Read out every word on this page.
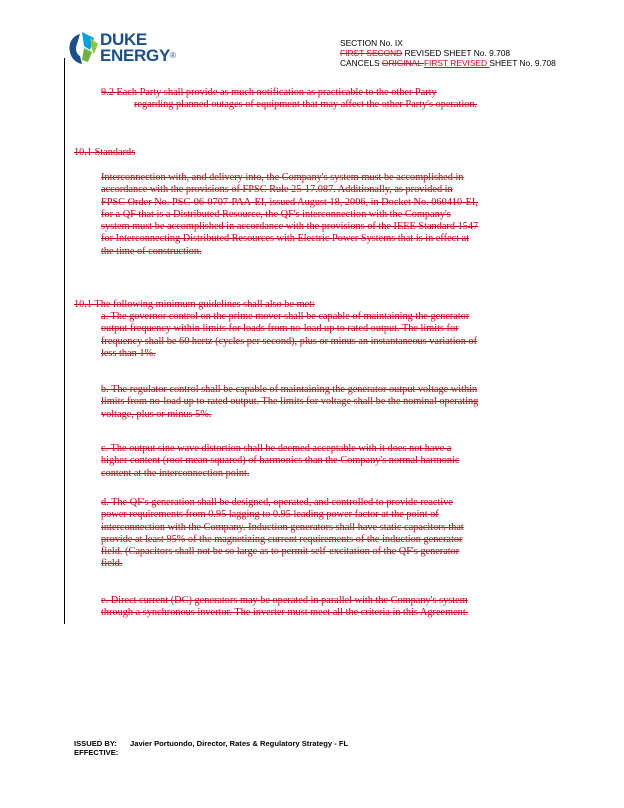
DUKE
ENERGY®
SECTION No. IX
FIRST SECOND REVISED SHEET No. 9.708
CANCELS ORIGINAL FIRST REVISED SHEET No. 9.708
9.2 Each Party shall provide as much notification as practicable to the other Party
regarding planned outages of equipment that may affect the other Party's operation.
10.1 Standards
Interconnection with, and delivery into, the Company's system must be accomplished in
accordance with the provisions of FPSC Rule 25-17.087. Additionally, as provided in
FPSC Order No. PSC-06-0707-PAA-EI, issued August 18, 2006, in Docket No. 060410-EI,
for a QF that is a Distributed Resource, the QF's interconnection with the Company's
system must be accomplished in accordance with the provisions of the IEEE Standard 1547
for Interconnecting Distributed Resources with Electric Power Systems that is in effect at
the time of construction.
10.1 The following minimum guidelines shall also be met:
a. The governor control on the prime mover shall be capable of maintaining the generator
output frequency within limits for loads from no-load up to rated output. The limits for
frequency shall be 60 hertz (cycles per second), plus or minus an instantaneous variation of
less than 1%.
b. The regulator control shall be capable of maintaining the generator output voltage within
limits from no-load up to rated output. The limits for voltage shall be the nominal operating
voltage, plus or minus 5%.
c. The output sine wave distortion shall be deemed acceptable with it does not have a
higher content (root mean squared) of harmonics than the Company's normal harmonic
content at the interconnection point.
d. The QF's generation shall be designed, operated, and controlled to provide reactive
power requirements from 0.95 lagging to 0.95 leading power factor at the point of
interconnection with the Company. Induction generators shall have static capacitors that
provide at least 95% of the magnetizing current requirements of the induction generator
field. (Capacitors shall not be so large as to permit self-excitation of the QF's generator
field.
e. Direct current (DC) generators may be operated in parallel with the Company's system
through a synchronous invertor. The inverter must meet all the criteria in this Agreement.
ISSUED BY: Javier Portuondo, Director, Rates & Regulatory Strategy - FL
EFFECTIVE:
